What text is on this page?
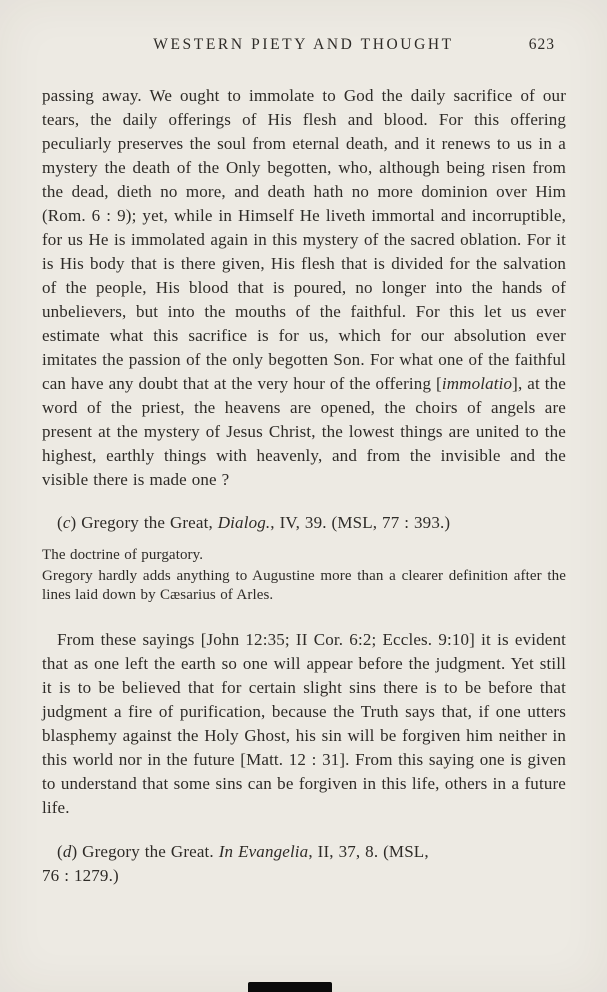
WESTERN PIETY AND THOUGHT	623

passing away. We ought to immolate to God the daily sacrifice of our tears, the daily offerings of His flesh and blood. For this offering peculiarly preserves the soul from eternal death, and it renews to us in a mystery the death of the Only begotten, who, although being risen from the dead, dieth no more, and death hath no more dominion over Him (Rom. 6 : 9); yet, while in Himself He liveth immortal and incorruptible, for us He is immolated again in this mystery of the sacred oblation. For it is His body that is there given, His flesh that is divided for the salvation of the people, His blood that is poured, no longer into the hands of unbelievers, but into the mouths of the faithful. For this let us ever estimate what this sacrifice is for us, which for our absolution ever imitates the passion of the only begotten Son. For what one of the faithful can have any doubt that at the very hour of the offering [immolatio], at the word of the priest, the heavens are opened, the choirs of angels are present at the mystery of Jesus Christ, the lowest things are united to the highest, earthly things with heavenly, and from the invisible and the visible there is made one ?

(c) Gregory the Great, Dialog., IV, 39. (MSL, 77 : 393.)

The doctrine of purgatory.

Gregory hardly adds anything to Augustine more than a clearer definition after the lines laid down by Cæsarius of Arles.

From these sayings [John 12:35; II Cor. 6:2; Eccles. 9:10] it is evident that as one left the earth so one will appear before the judgment. Yet still it is to be believed that for certain slight sins there is to be before that judgment a fire of purification, because the Truth says that, if one utters blasphemy against the Holy Ghost, his sin will be forgiven him neither in this world nor in the future [Matt. 12 : 31]. From this saying one is given to understand that some sins can be forgiven in this life, others in a future life.

(d) Gregory the Great. In Evangelia, II, 37, 8. (MSL,
76 : 1279.)
